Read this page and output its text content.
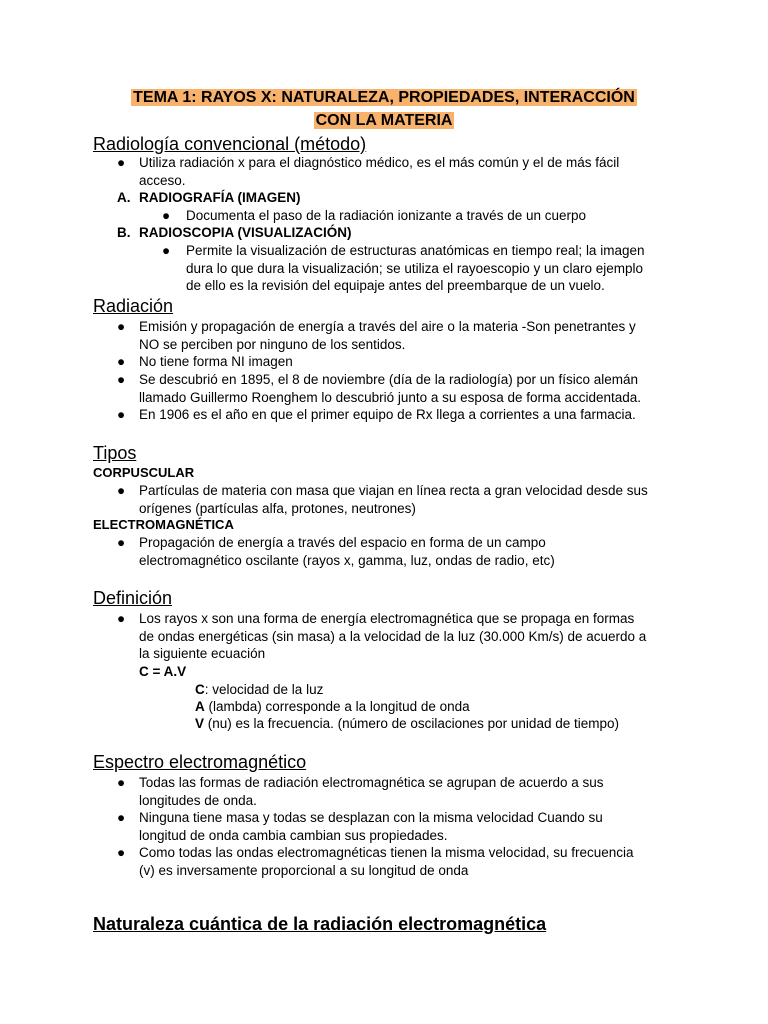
TEMA 1: RAYOS X: NATURALEZA, PROPIEDADES, INTERACCIÓN
CON LA MATERIA
Radiología convencional (método)
●	Utiliza radiación x para el diagnóstico médico, es el más común y el de más fácil
acceso.
A. RADIOGRAFÍA (IMAGEN)
●	Documenta el paso de la radiación ionizante a través de un cuerpo
B. RADIOSCOPIA (VISUALIZACIÓN)
●	Permite la visualización de estructuras anatómicas en tiempo real; la imagen
dura lo que dura la visualización; se utiliza el rayoescopio y un claro ejemplo
de ello es la revisión del equipaje antes del preembarque de un vuelo.
Radiación
●	Emisión y propagación de energía a través del aire o la materia -Son penetrantes y
NO se perciben por ninguno de los sentidos.
●	No tiene forma NI imagen
●	Se descubrió en 1895, el 8 de noviembre (día de la radiología) por un físico alemán
llamado Guillermo Roenghem lo descubrió junto a su esposa de forma accidentada.
●	En 1906 es el año en que el primer equipo de Rx llega a corrientes a una farmacia.
Tipos
CORPUSCULAR
●	Partículas de materia con masa que viajan en línea recta a gran velocidad desde sus
orígenes (partículas alfa, protones, neutrones)
ELECTROMAGNÉTICA
●	Propagación de energía a través del espacio en forma de un campo
electromagnético oscilante (rayos x, gamma, luz, ondas de radio, etc)
Definición
●	Los rayos x son una forma de energía electromagnética que se propaga en formas
de ondas energéticas (sin masa) a la velocidad de la luz (30.000 Km/s) de acuerdo a
la siguiente ecuación
C = A.V
C: velocidad de la luz
A (lambda) corresponde a la longitud de onda
V (nu) es la frecuencia. (número de oscilaciones por unidad de tiempo)
Espectro electromagnético
●	Todas las formas de radiación electromagnética se agrupan de acuerdo a sus
longitudes de onda.
●	Ninguna tiene masa y todas se desplazan con la misma velocidad Cuando su
longitud de onda cambia cambian sus propiedades.
●	Como todas las ondas electromagnéticas tienen la misma velocidad, su frecuencia
(v) es inversamente proporcional a su longitud de onda
Naturaleza cuántica de la radiación electromagnética
